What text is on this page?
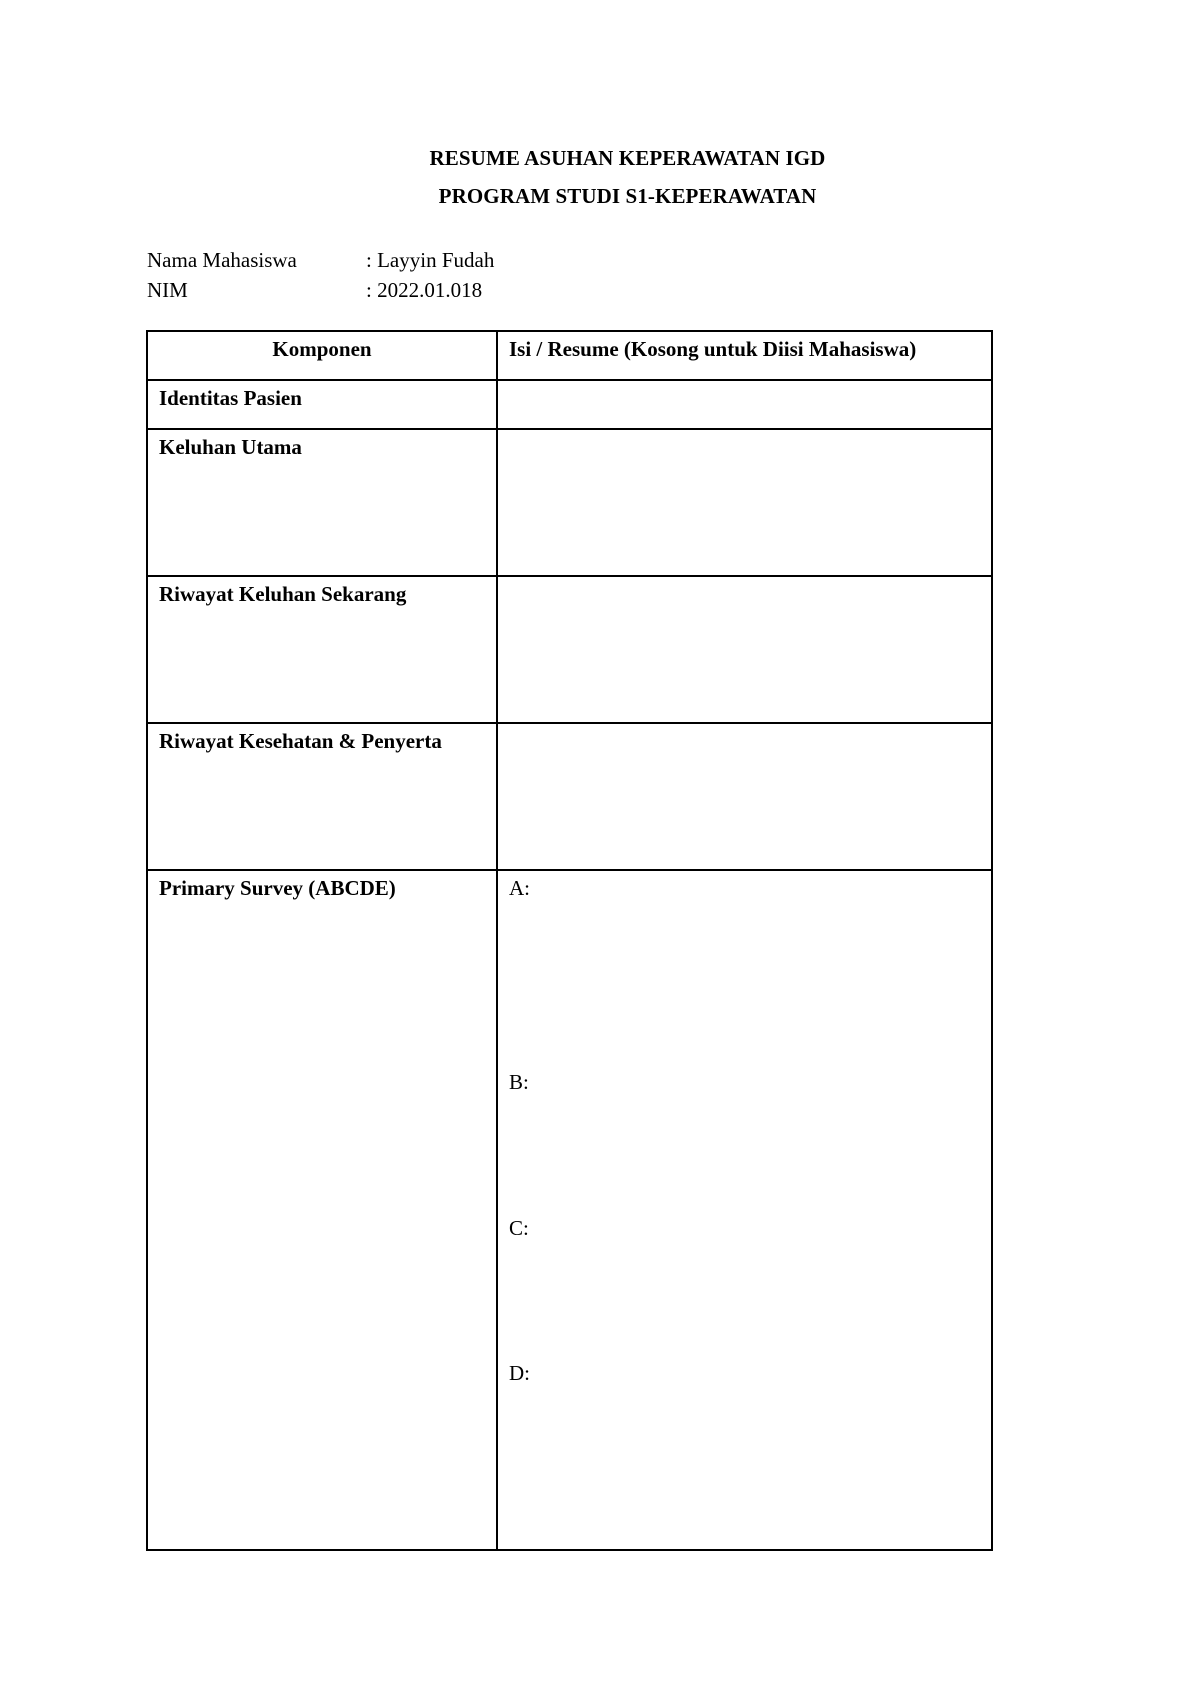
RESUME ASUHAN KEPERAWATAN IGD
PROGRAM STUDI S1-KEPERAWATAN
Nama Mahasiswa	: Layyin Fudah
NIM	: 2022.01.018
Komponen	Isi / Resume (Kosong untuk Diisi Mahasiswa)

Identitas Pasien	

Keluhan Utama	

Riwayat Keluhan Sekarang	

Riwayat Kesehatan & Penyerta	

Primary Survey (ABCDE)	A:
B:
C:
D:
